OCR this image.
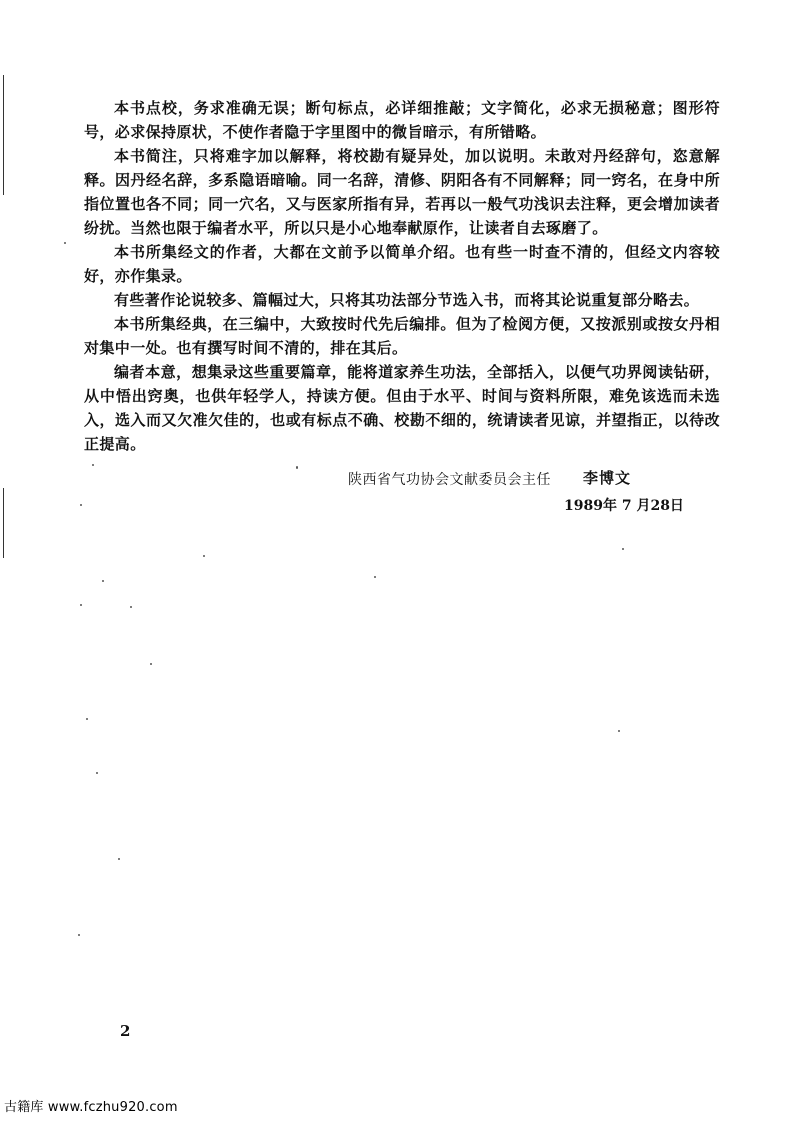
本书点校，务求准确无误；断句标点，必详细推敲；文字简化，必求无损秘意；图形符号，必求保持原状，不使作者隐于字里图中的微旨暗示，有所错略。

本书简注，只将难字加以解释，将校勘有疑异处，加以说明。未敢对丹经辞句，恣意解释。因丹经名辞，多系隐语暗喻。同一名辞，清修、阴阳各有不同解释；同一窍名，在身中所指位置也各不同；同一穴名，又与医家所指有异，若再以一般气功浅识去注释，更会增加读者纷扰。当然也限于编者水平，所以只是小心地奉献原作，让读者自去琢磨了。

本书所集经文的作者，大都在文前予以简单介绍。也有些一时查不清的，但经文内容较好，亦作集录。

有些著作论说较多、篇幅过大，只将其功法部分节选入书，而将其论说重复部分略去。

本书所集经典，在三编中，大致按时代先后编排。但为了检阅方便，又按派别或按女丹相对集中一处。也有撰写时间不清的，排在其后。

编者本意，想集录这些重要篇章，能将道家养生功法，全部括入，以便气功界阅读钻研，从中悟出窍奥，也供年轻学人，持读方便。但由于水平、时间与资料所限，难免该选而未选入，选入而又欠准欠佳的，也或有标点不确、校勘不细的，统请读者见谅，并望指正，以待改正提高。

陕西省气功协会文献委员会主任 李博文
1989年 7 月28日
2
古籍库 www.fczhu920.com
